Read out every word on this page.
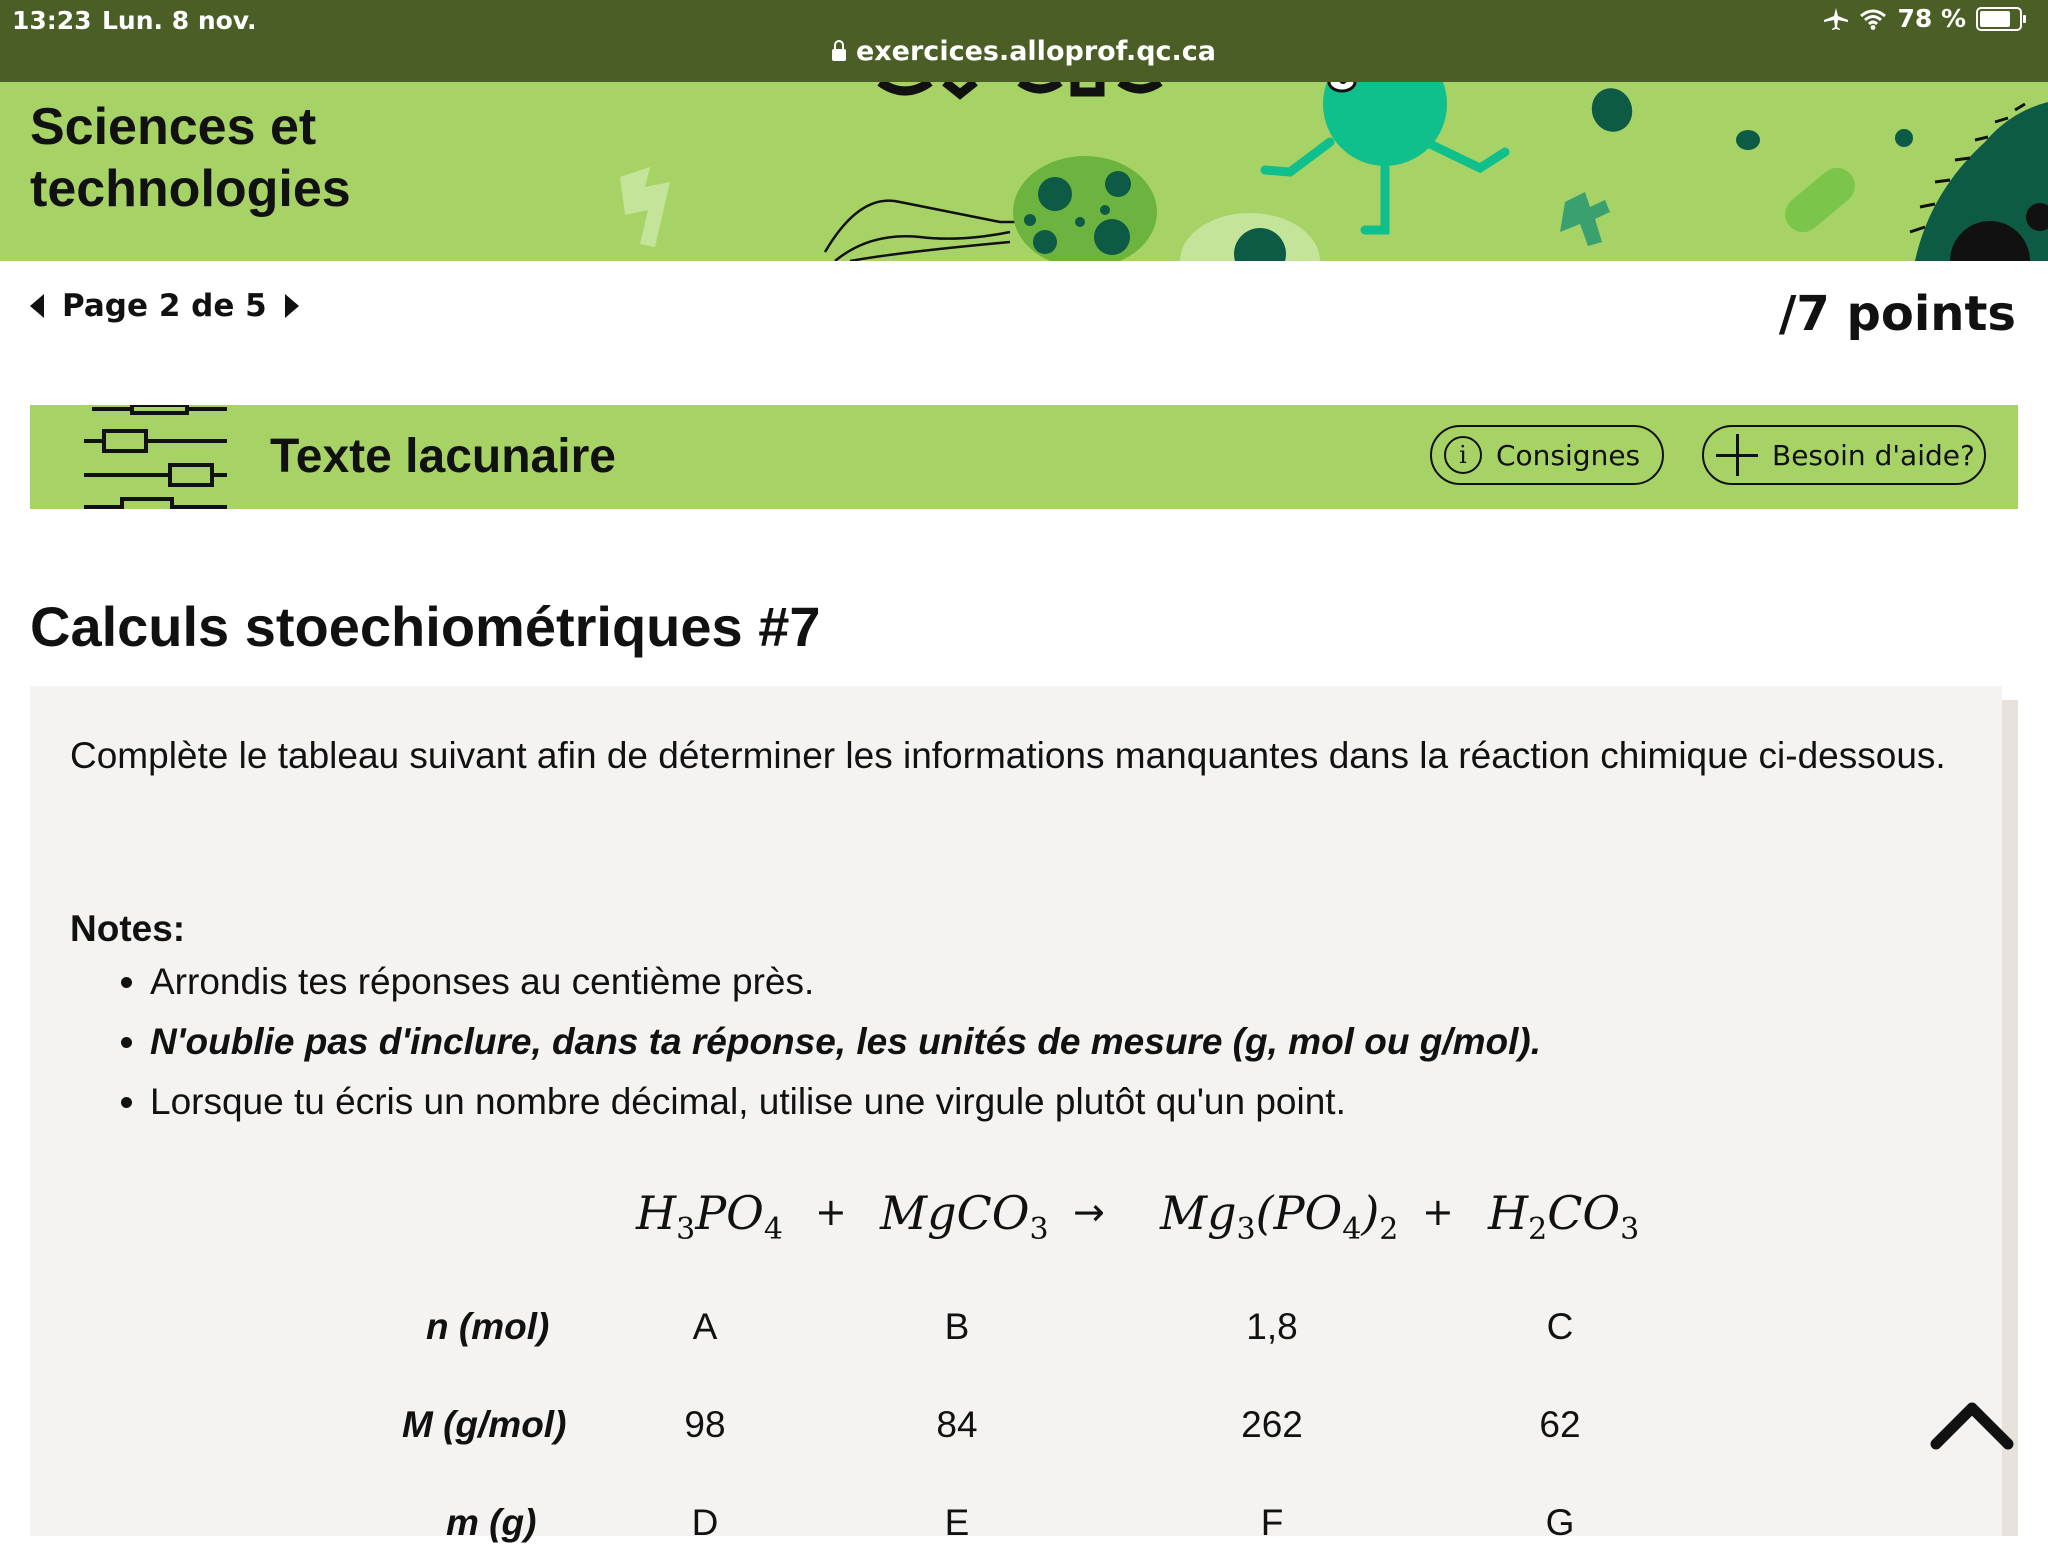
13:23 Lun. 8 nov.	78 %
exercices.alloprof.qc.ca
Sciences et
technologies
Page 2 de 5	/7 points
Texte lacunaire	i	Consignes	Besoin d'aide?
Calculs stoechiométriques #7
Complète le tableau suivant afin de déterminer les informations manquantes dans la réaction chimique ci-dessous.
Notes:
• Arrondis tes réponses au centième près.
• N'oublie pas d'inclure, dans ta réponse, les unités de mesure (g, mol ou g/mol).
• Lorsque tu écris un nombre décimal, utilise une virgule plutôt qu'un point.
$H_3PO_4$ + MgCO$_3$ → $Mg_3(PO_4)_2 + H_2CO_3$
n (mol)	A	B	1,8	C
M (g/mol)	98	84	262	62
m (g)	D	E	F	G
